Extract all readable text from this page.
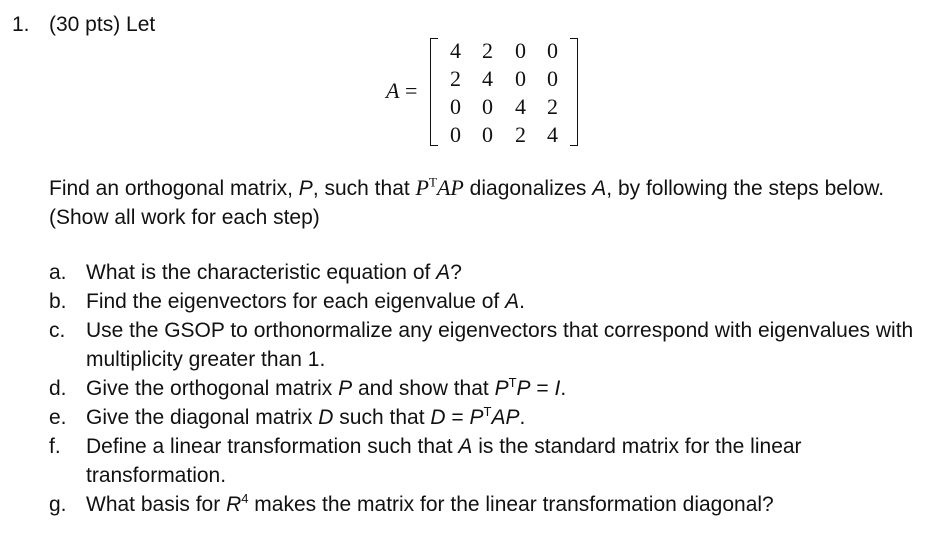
1. (30 pts) Let
A =
4 2	0 0
2 4	0 0
0 0	4 2
0 0	2 4
Find an orthogonal matrix, P, such that $P^TAP$ diagonalizes A, by following the steps below. (Show all work for each step)
a. What is the characteristic equation of A?
b. Find the eigenvectors for each eigenvalue of A.
c. Use the GSOP to orthonormalize any eigenvectors that correspond with eigenvalues with multiplicity greater than 1.
d. Give the orthogonal matrix P and show that $P^TP = I$.
e. Give the diagonal matrix D such that $D = P^TAP$.
f. Define a linear transformation such that A is the standard matrix for the linear transformation.
g. What basis for $R^4$ makes the matrix for the linear transformation diagonal?
